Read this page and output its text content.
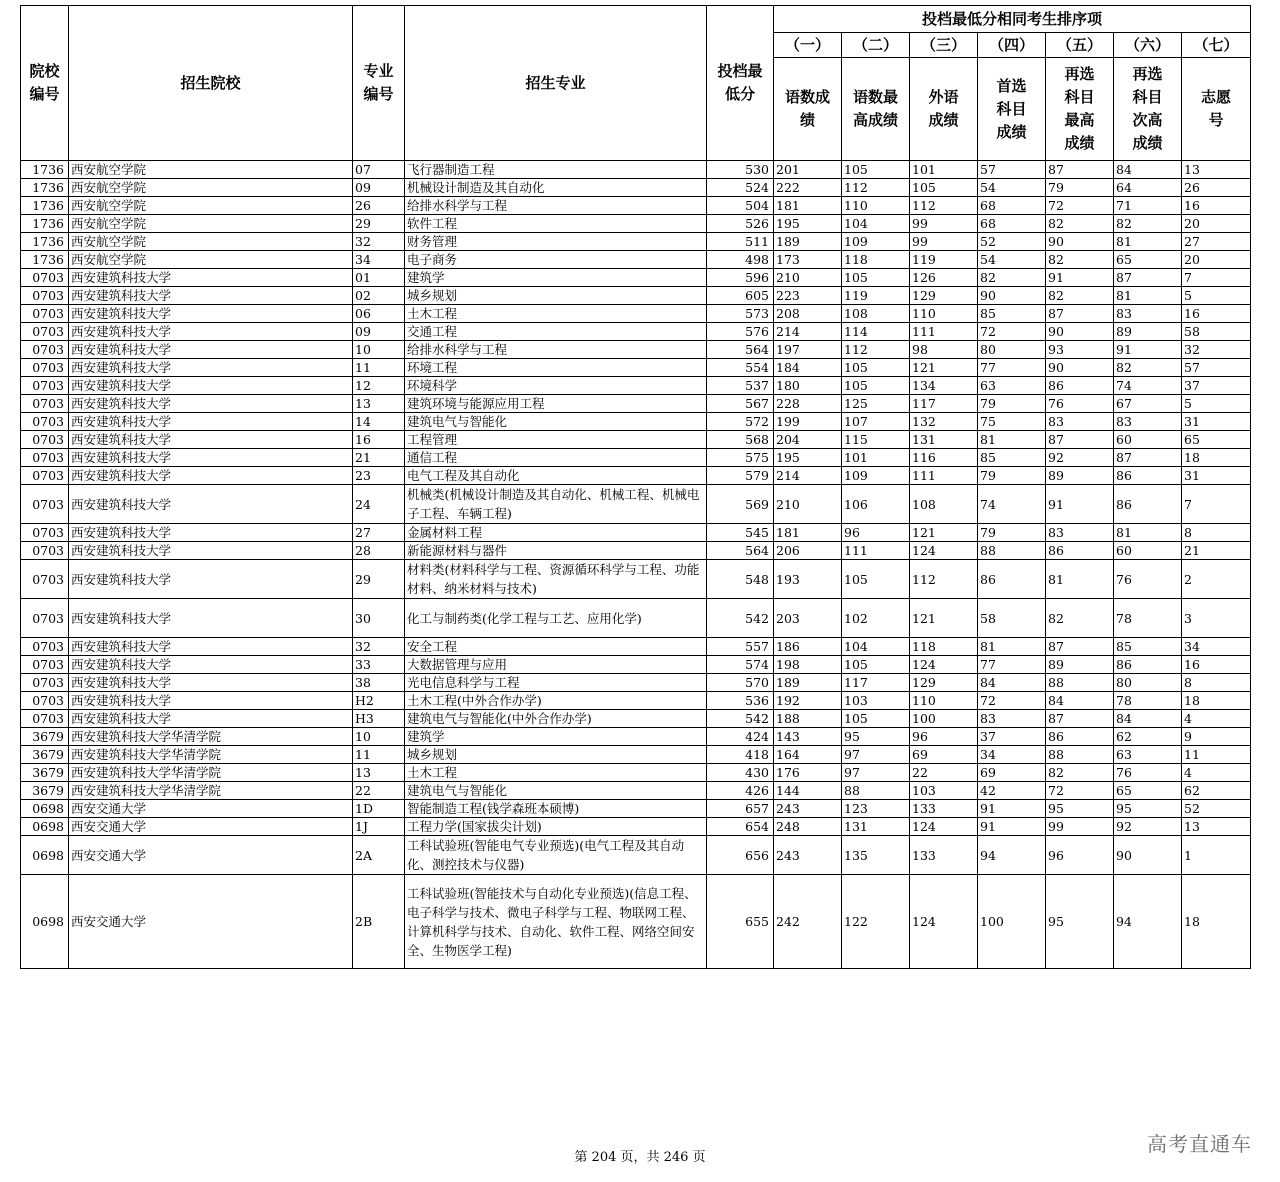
院校编号	招生院校	专业编号	招生专业	投档最低分	投档最低分相同考生排序项						
					（一）	（二）	（三）	（四）	（五）	（六）	（七）
					语数成绩	语数最高成绩	外语成绩	首选科目成绩	再选科目最高成绩	再选科目次高成绩	志愿号
1736	西安航空学院	07	飞行器制造工程	530	201	105	101	57	87	84	13
1736	西安航空学院	09	机械设计制造及其自动化	524	222	112	105	54	79	64	26
1736	西安航空学院	26	给排水科学与工程	504	181	110	112	68	72	71	16
1736	西安航空学院	29	软件工程	526	195	104	99	68	82	82	20
1736	西安航空学院	32	财务管理	511	189	109	99	52	90	81	27
1736	西安航空学院	34	电子商务	498	173	118	119	54	82	65	20
0703	西安建筑科技大学	01	建筑学	596	210	105	126	82	91	87	7
0703	西安建筑科技大学	02	城乡规划	605	223	119	129	90	82	81	5
0703	西安建筑科技大学	06	土木工程	573	208	108	110	85	87	83	16
0703	西安建筑科技大学	09	交通工程	576	214	114	111	72	90	89	58
0703	西安建筑科技大学	10	给排水科学与工程	564	197	112	98	80	93	91	32
0703	西安建筑科技大学	11	环境工程	554	184	105	121	77	90	82	57
0703	西安建筑科技大学	12	环境科学	537	180	105	134	63	86	74	37
0703	西安建筑科技大学	13	建筑环境与能源应用工程	567	228	125	117	79	76	67	5
0703	西安建筑科技大学	14	建筑电气与智能化	572	199	107	132	75	83	83	31
0703	西安建筑科技大学	16	工程管理	568	204	115	131	81	87	60	65
0703	西安建筑科技大学	21	通信工程	575	195	101	116	85	92	87	18
0703	西安建筑科技大学	23	电气工程及其自动化	579	214	109	111	79	89	86	31
0703	西安建筑科技大学	24	机械类(机械设计制造及其自动化、机械工程、机械电子工程、车辆工程)	569	210	106	108	74	91	86	7
0703	西安建筑科技大学	27	金属材料工程	545	181	96	121	79	83	81	8
0703	西安建筑科技大学	28	新能源材料与器件	564	206	111	124	88	86	60	21
0703	西安建筑科技大学	29	材料类(材料科学与工程、资源循环科学与工程、功能材料、纳米材料与技术)	548	193	105	112	86	81	76	2
0703	西安建筑科技大学	30	化工与制药类(化学工程与工艺、应用化学)	542	203	102	121	58	82	78	3
0703	西安建筑科技大学	32	安全工程	557	186	104	118	81	87	85	34
0703	西安建筑科技大学	33	大数据管理与应用	574	198	105	124	77	89	86	16
0703	西安建筑科技大学	38	光电信息科学与工程	570	189	117	129	84	88	80	8
0703	西安建筑科技大学	H2	土木工程(中外合作办学)	536	192	103	110	72	84	78	18
0703	西安建筑科技大学	H3	建筑电气与智能化(中外合作办学)	542	188	105	100	83	87	84	4
3679	西安建筑科技大学华清学院	10	建筑学	424	143	95	96	37	86	62	9
3679	西安建筑科技大学华清学院	11	城乡规划	418	164	97	69	34	88	63	11
3679	西安建筑科技大学华清学院	13	土木工程	430	176	97	22	69	82	76	4
3679	西安建筑科技大学华清学院	22	建筑电气与智能化	426	144	88	103	42	72	65	62
0698	西安交通大学	1D	智能制造工程(钱学森班本硕博)	657	243	123	133	91	95	95	52
0698	西安交通大学	1J	工程力学(国家拔尖计划)	654	248	131	124	91	99	92	13
0698	西安交通大学	2A	工科试验班(智能电气专业预选)(电气工程及其自动化、测控技术与仪器)	656	243	135	133	94	96	90	1
0698	西安交通大学	2B	工科试验班(智能技术与自动化专业预选)(信息工程、电子科学与技术、微电子科学与工程、物联网工程、计算机科学与技术、自动化、软件工程、网络空间安全、生物医学工程)	655	242	122	124	100	95	94	18
第 204 页，共 246 页
高考直通车
